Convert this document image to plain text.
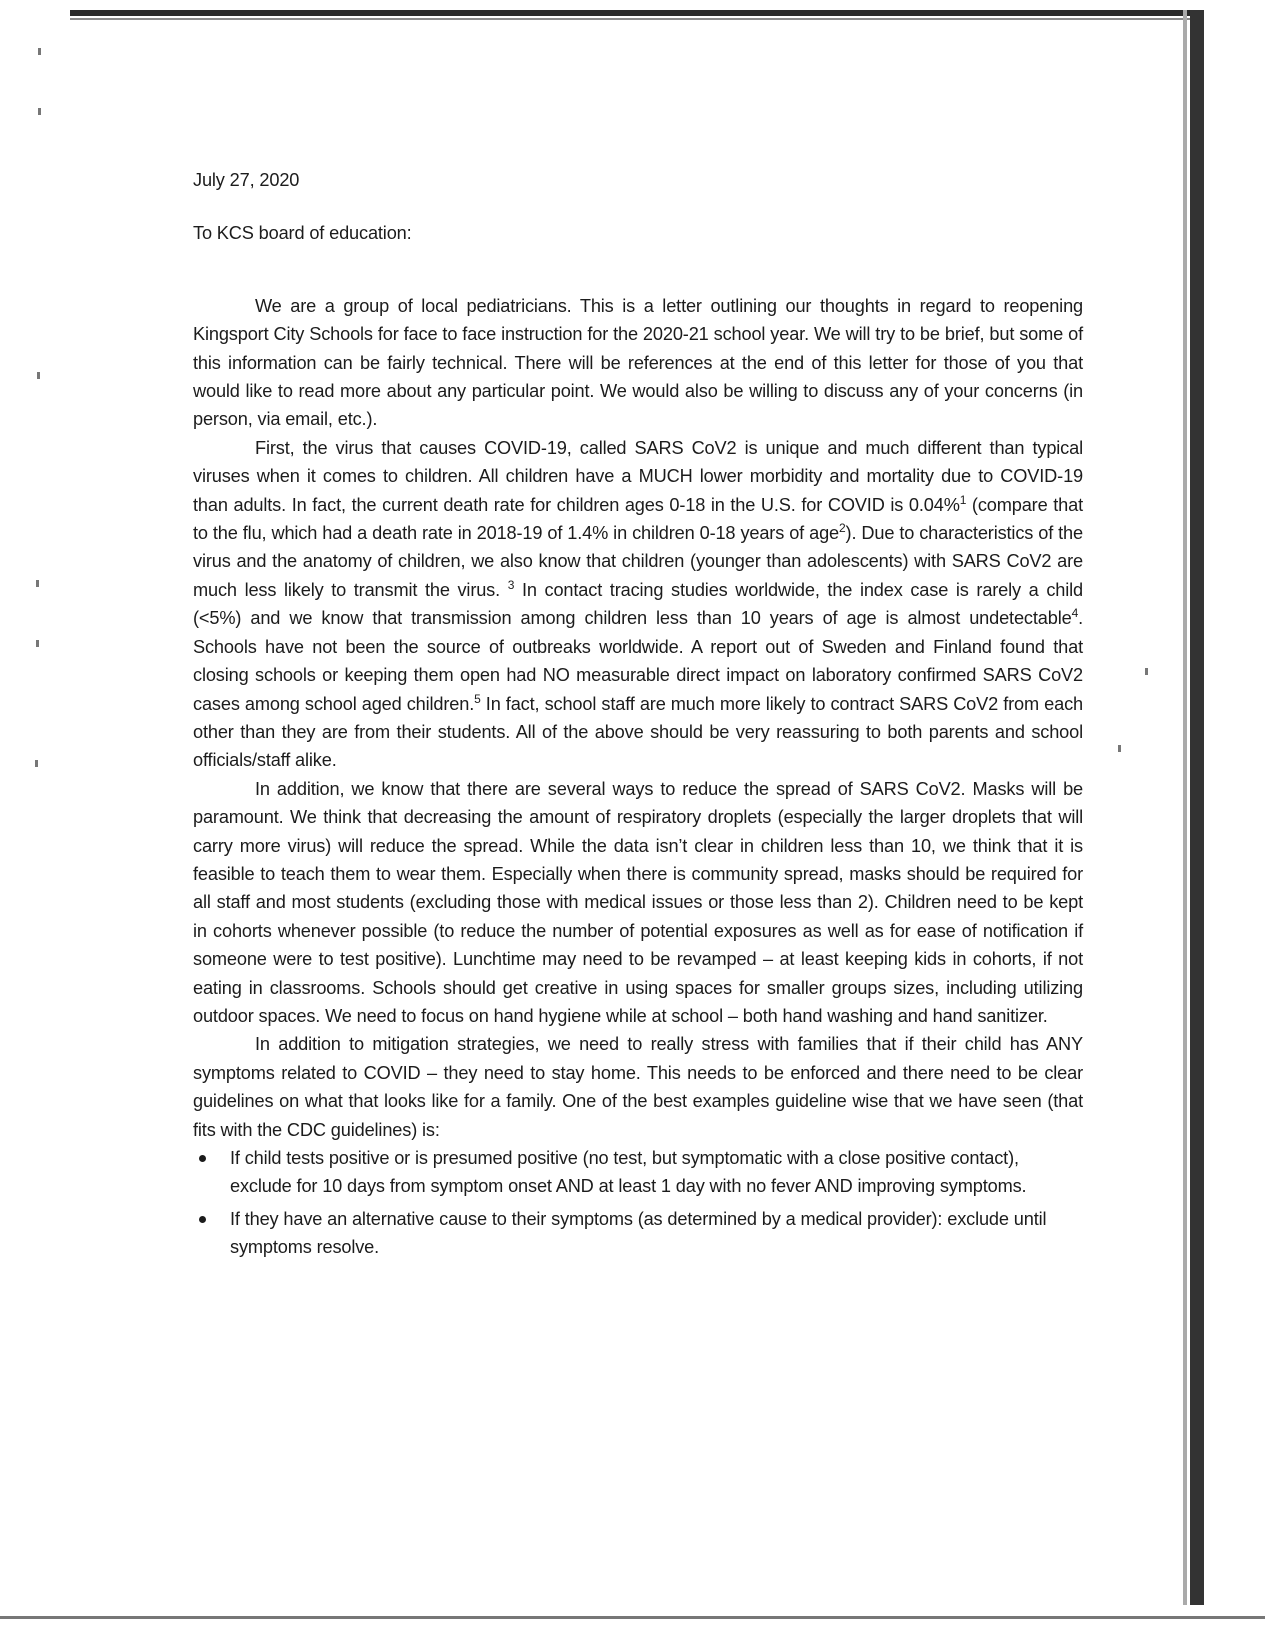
July 27, 2020

To KCS board of education:

We are a group of local pediatricians. This is a letter outlining our thoughts in regard to reopening Kingsport City Schools for face to face instruction for the 2020-21 school year. We will try to be brief, but some of this information can be fairly technical. There will be references at the end of this letter for those of you that would like to read more about any particular point. We would also be willing to discuss any of your concerns (in person, via email, etc.).

First, the virus that causes COVID-19, called SARS CoV2 is unique and much different than typical viruses when it comes to children. All children have a MUCH lower morbidity and mortality due to COVID-19 than adults. In fact, the current death rate for children ages 0-18 in the U.S. for COVID is 0.04%$^1$ (compare that to the flu, which had a death rate in 2018-19 of 1.4% in children 0-18 years of age$^2$). Due to characteristics of the virus and the anatomy of children, we also know that children (younger than adolescents) with SARS CoV2 are much less likely to transmit the virus. $^3$ In contact tracing studies worldwide, the index case is rarely a child (<5%) and we know that transmission among children less than 10 years of age is almost undetectable$^4$. Schools have not been the source of outbreaks worldwide. A report out of Sweden and Finland found that closing schools or keeping them open had NO measurable direct impact on laboratory confirmed SARS CoV2 cases among school aged children.$^5$ In fact, school staff are much more likely to contract SARS CoV2 from each other than they are from their students. All of the above should be very reassuring to both parents and school officials/staff alike.

In addition, we know that there are several ways to reduce the spread of SARS CoV2. Masks will be paramount. We think that decreasing the amount of respiratory droplets (especially the larger droplets that will carry more virus) will reduce the spread. While the data isn’t clear in children less than 10, we think that it is feasible to teach them to wear them. Especially when there is community spread, masks should be required for all staff and most students (excluding those with medical issues or those less than 2). Children need to be kept in cohorts whenever possible (to reduce the number of potential exposures as well as for ease of notification if someone were to test positive). Lunchtime may need to be revamped – at least keeping kids in cohorts, if not eating in classrooms. Schools should get creative in using spaces for smaller groups sizes, including utilizing outdoor spaces. We need to focus on hand hygiene while at school – both hand washing and hand sanitizer.

In addition to mitigation strategies, we need to really stress with families that if their child has ANY symptoms related to COVID – they need to stay home. This needs to be enforced and there need to be clear guidelines on what that looks like for a family. One of the best examples guideline wise that we have seen (that fits with the CDC guidelines) is:

If child tests positive or is presumed positive (no test, but symptomatic with a close positive contact), exclude for 10 days from symptom onset AND at least 1 day with no fever AND improving symptoms.
If they have an alternative cause to their symptoms (as determined by a medical provider): exclude until symptoms resolve.
